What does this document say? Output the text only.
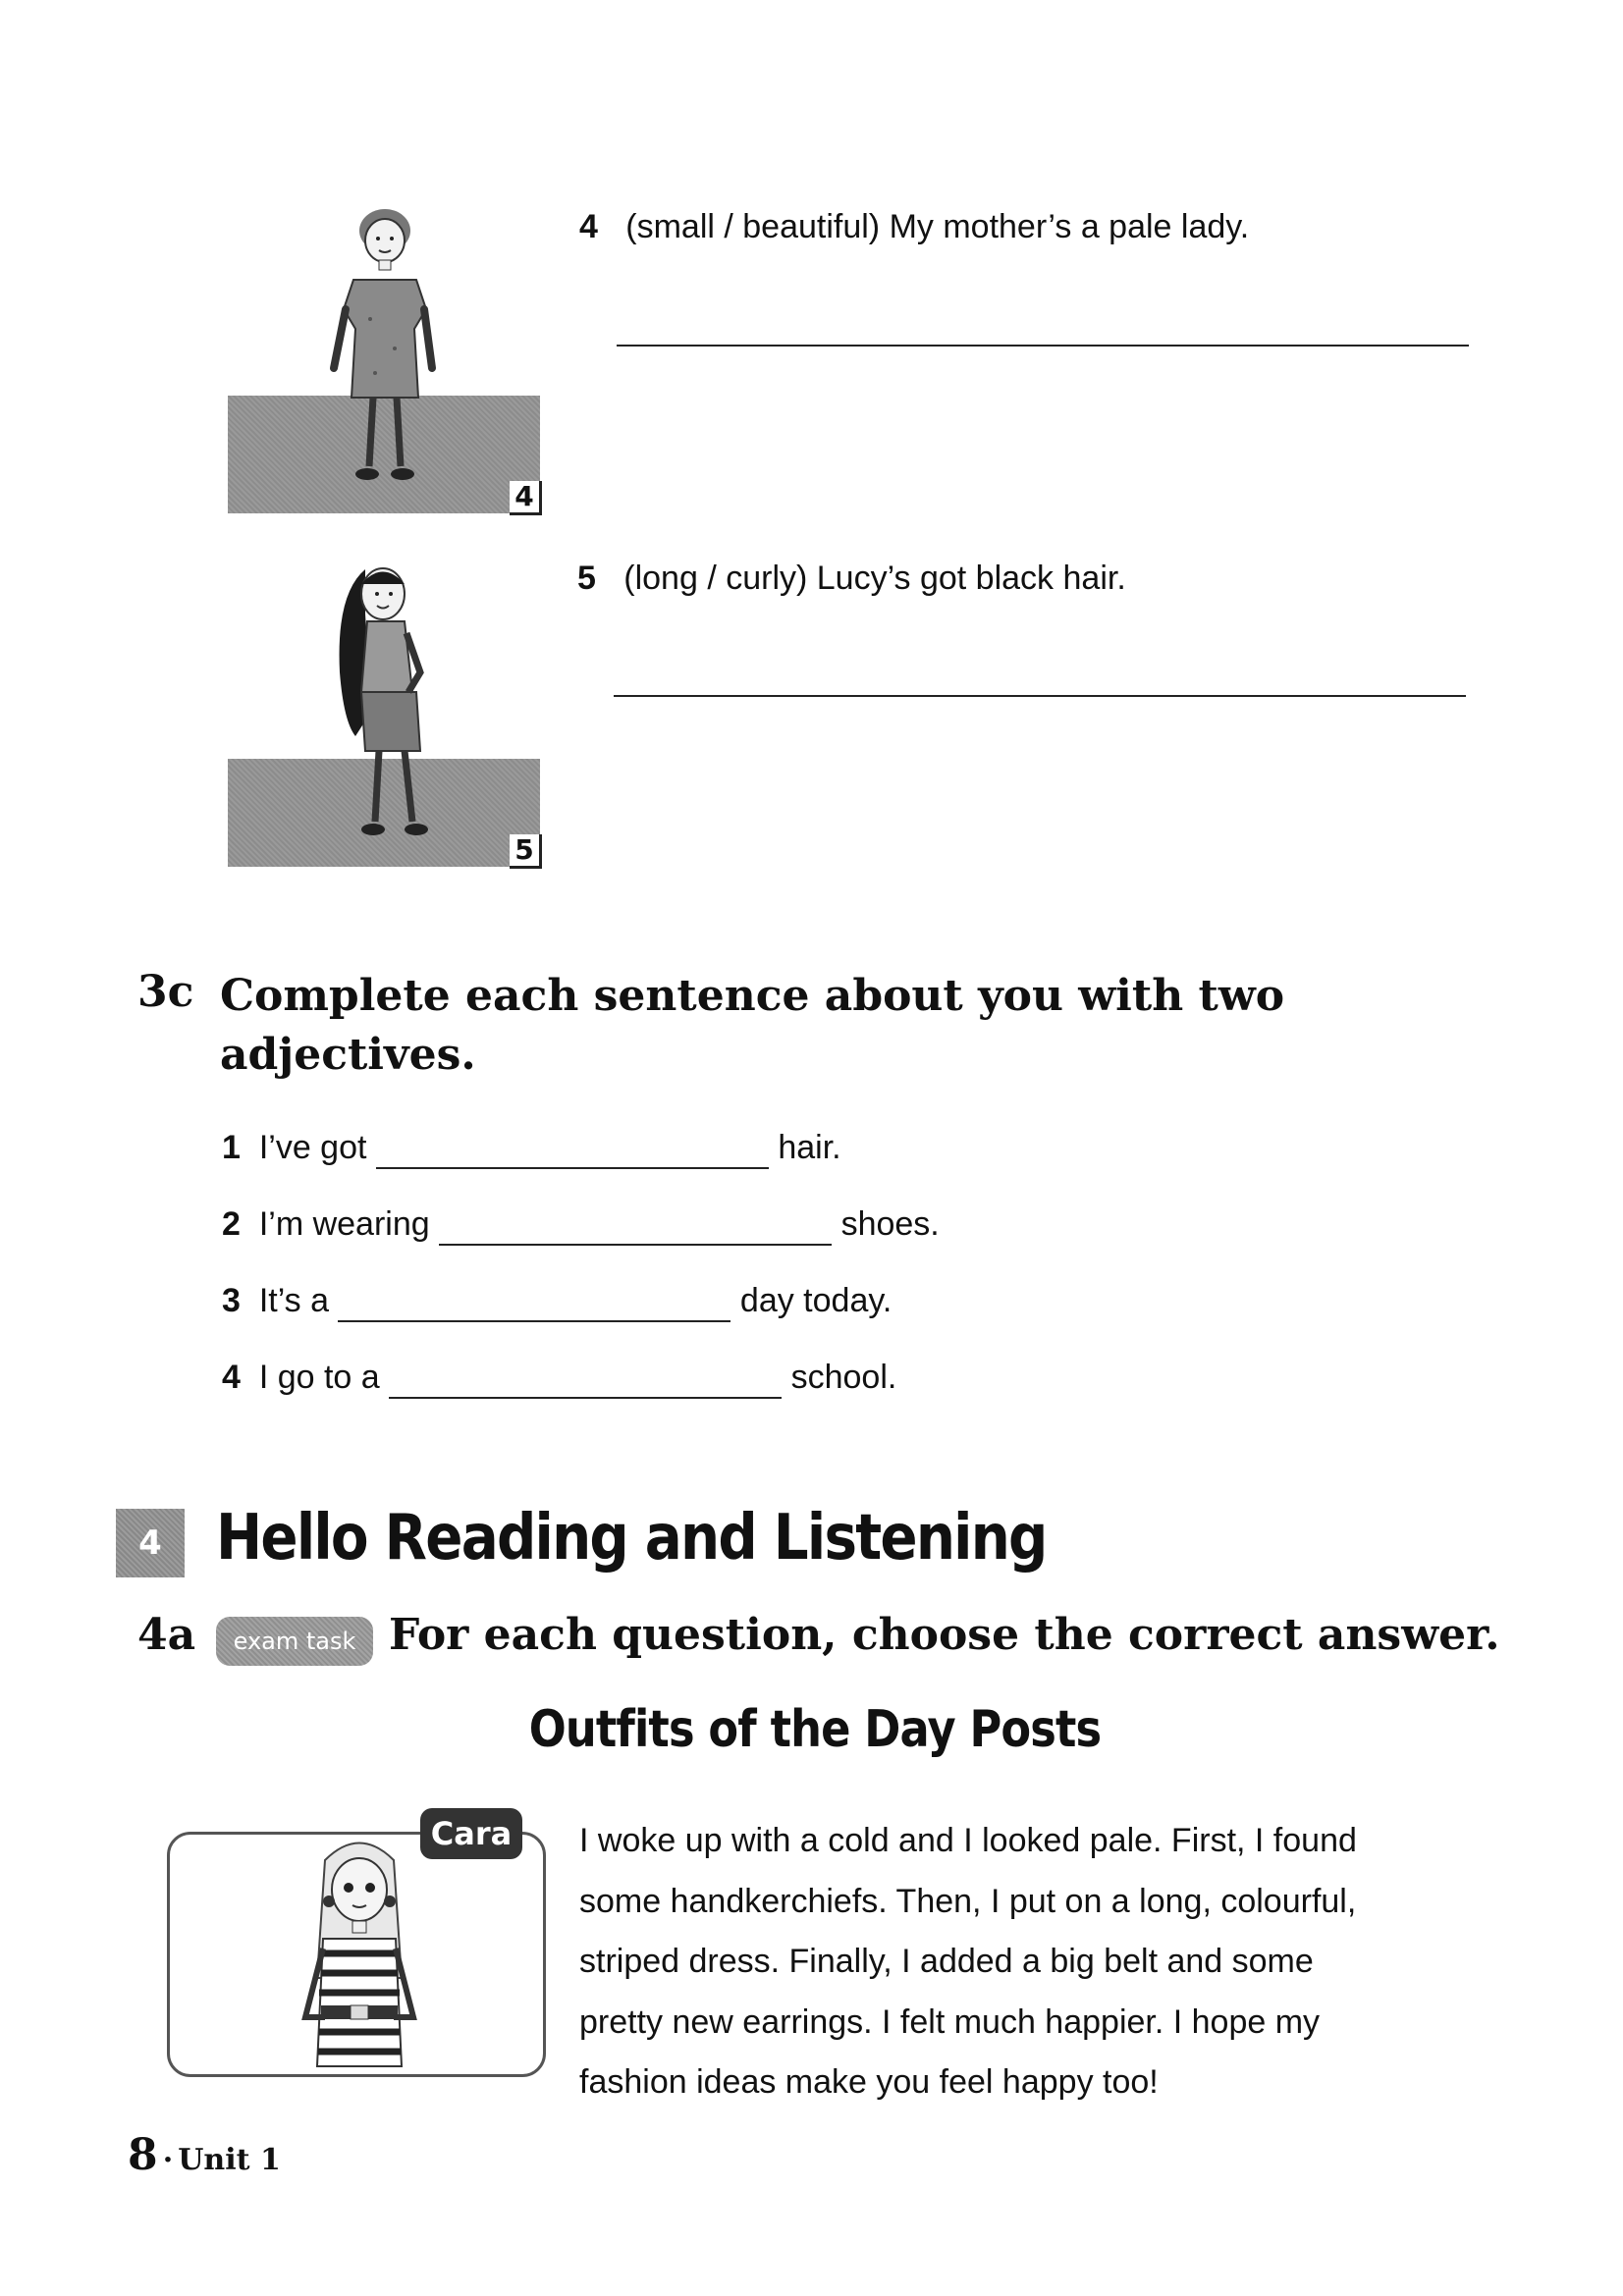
4
4 (small / beautiful) My mother’s a pale lady.
5
5 (long / curly) Lucy’s got black hair.
3c Complete each sentence about you with two
adjectives.
1 I’ve got	hair.
2 I’m wearing	shoes.
3 It’s a	day today.
4 I go to a	school.
4 Hello Reading and Listening
4a	exam task For each question, choose the correct answer.
Outfits of the Day Posts
Cara	I woke up with a cold and I looked pale. First, I found

some handkerchiefs. Then, I put on a long, colourful,

striped dress. Finally, I added a big belt and some

pretty new earrings. I felt much happier. I hope my

fashion ideas make you feel happy too!

8 · Unit 1
